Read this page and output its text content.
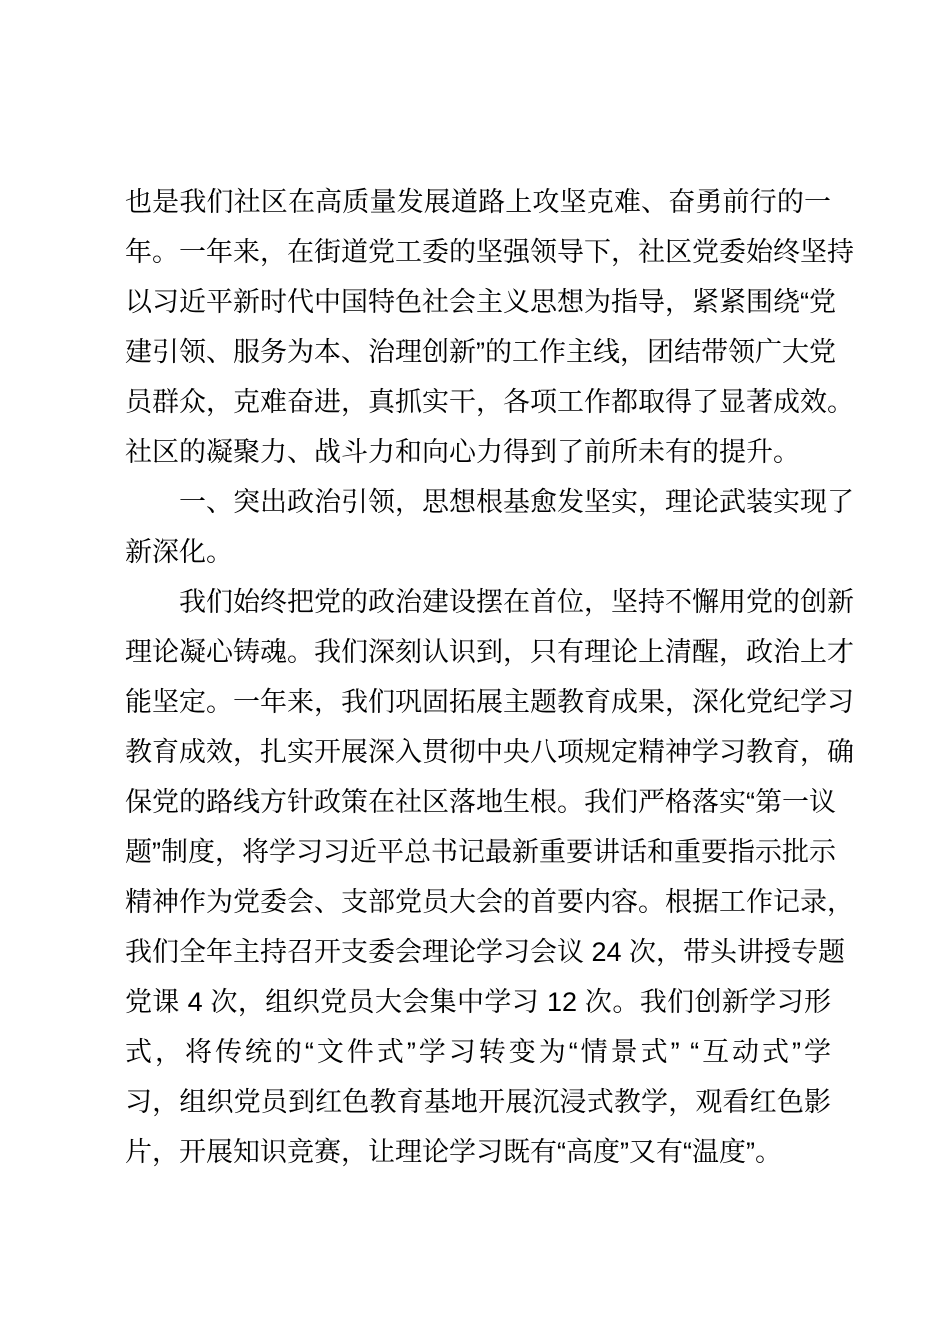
也是我们社区在高质量发展道路上攻坚克难、奋勇前行的一
年。一年来，在街道党工委的坚强领导下，社区党委始终坚持
以习近平新时代中国特色社会主义思想为指导，紧紧围绕“党
建引领、服务为本、治理创新”的工作主线，团结带领广大党
员群众，克难奋进，真抓实干，各项工作都取得了显著成效。
社区的凝聚力、战斗力和向心力得到了前所未有的提升。
一、突出政治引领，思想根基愈发坚实，理论武装实现了
新深化。
我们始终把党的政治建设摆在首位，坚持不懈用党的创新
理论凝心铸魂。我们深刻认识到，只有理论上清醒，政治上才
能坚定。一年来，我们巩固拓展主题教育成果，深化党纪学习
教育成效，扎实开展深入贯彻中央八项规定精神学习教育，确
保党的路线方针政策在社区落地生根。我们严格落实“第一议
题”制度，将学习习近平总书记最新重要讲话和重要指示批示
精神作为党委会、支部党员大会的首要内容。根据工作记录，
我们全年主持召开支委会理论学习会议 24 次，带头讲授专题
党课 4 次，组织党员大会集中学习 12 次。我们创新学习形
式，将传统的“文件式”学习转变为“情景式” “互动式”学
习，组织党员到红色教育基地开展沉浸式教学，观看红色影
片，开展知识竞赛，让理论学习既有“高度”又有“温度”。
